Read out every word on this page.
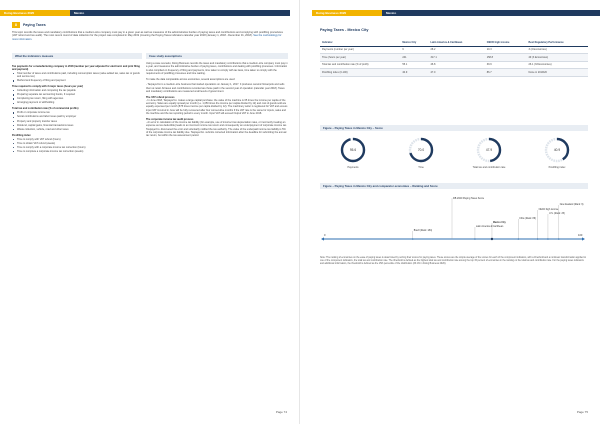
Doing Business 2020	Mexico
8	Paying Taxes
This topic records the taxes and mandatory contributions that a medium-size company must pay in a given year as well as measures of the administrative burden of paying taxes and contributions and complying with postfiling procedures (VAT refund and tax audit). The most recent round of data collection for the project was completed in May 2019 (covering the Paying Taxes indicators calendar year 2018 (January 1, 2018 - December 31, 2018). See the methodology for more information.
What the indicators measure	Case study assumptions
Tax payments for a manufacturing company in 2018 (number per year adjusted for electronic and joint filing and payment)
Total number of taxes and contributions paid, including consumption taxes (value added tax, sales tax or goods and service tax)
Method and frequency of filing and payment
Time required to comply with 3 major taxes (hours per year)
Collecting information and computing the tax payable
Preparing separate tax accounting books, if required
Completing tax return, filing with agencies
Arranging payment or withholding
Total tax and contribution rate (% of commercial profits)
Profit or corporate income tax
Social contributions and labor taxes paid by employer
Property and property transfer taxes
Dividend, capital gains, financial transactions taxes
Waste collection, vehicle, road and other taxes
Postfiling index
Time to comply with VAT refund (hours)
Time to obtain VAT refund (weeks)
Time to comply with a corporate income tax correction (hours)
Time to complete a corporate income tax correction (weeks)

Using a case scenario, Doing Business records the taxes and mandatory contributions that a medium-size company must pay in a year, and measures the administrative burden of paying taxes, contributions and dealing with postfiling processes. Information is also compiled on frequency of filing and payments, time taken to comply with tax laws, time taken to comply with the requirements of postfiling processes and time waiting.

To make the data comparable across economies, several assumptions are used:

- TaxpayerCo is a medium-size business that started operations on January 1, 2017. It produces ceramic flowerpots and sells them at retail. All taxes and contributions recorded are those paid in the second year of operation (calendar year 2018). Taxes and mandatory contributions are measured at all levels of government.

The VAT refund process

- In June 2018, TaxpayerCo. makes a large capital purchase: the value of the machine is 65 times the income per capita of the economy. Sales are equally spread per month (i.e. 1,050 times the income per capita divided by 12) and cost of goods sold are equally expensed per month (875 times income per capita divided by 12). The machinery seller is registered for VAT and excess input VAT incurred in June will be fully recovered after four consecutive months if the VAT rate is the same for inputs, sales and the machine and the tax reporting period is every month. Input VAT will exceed Output VAT in June 2018.

The corporate income tax audit process

- An error in calculation of the income tax liability (for example, use of incorrect tax depreciation rates, or incorrectly treating an expense as tax deductible) leads to an incorrect income tax return and consequently an underpayment of corporate income tax. TaxpayerCo. discovered the error and voluntarily notified the tax authority. The value of the underpaid income tax liability is 5% of the corporate income tax liability due. TaxpayerCo. submits corrected information after the deadline for submitting the annual tax return, but within the tax assessment period.

Page 74
Doing Business 2020	Mexico
Page 75
Paying Taxes - Mexico City
Indicator	Mexico City	Latin America & Caribbean	OECD high income	Best Regulatory Performance
Payments (number per year)	6	28.2	10.3	3 (2 Economies)
Time (hours per year)	241	317.1	158.8	49 (3 Economies)
Total tax and contribution rate (% of profit)	55.1	46.8	39.9	26.1 (33 Economies)
Postfiling index (0-100)	40.9	47.0	86.7	None in 2019/20
Figure – Paying Taxes in Mexico City – Score
95.6
Payments
70.0
Time
47.9
Total tax and contribution rate
40.9
Postfiling index
Figure – Paying Taxes in Mexico City and comparator economies – Ranking and Score
0	100
DB 2020 Paying Taxes Score
New Zealand (Rank: 9)
OECD high income
U.S. (Rank: 25)
Chile (Rank: 86)
Mexico City
Latin America & Caribbean
Brazil (Rank: 184)
Note: The ranking of economies on the ease of paying taxes is determined by sorting their scores for paying taxes. These scores are the simple average of the scores for each of the component indicators, with a threshold and a nonlinear transformation applied to one of the component indicators, the total tax and contribution rate. The threshold is defined as the highest total tax and contribution rate among the top 15 percent of economies in the ranking on the total tax and contribution rate. For the paying taxes indicators and additional information, the threshold is defined as the 15th percentile of the distribution (26.1% in Doing Business 2020).
